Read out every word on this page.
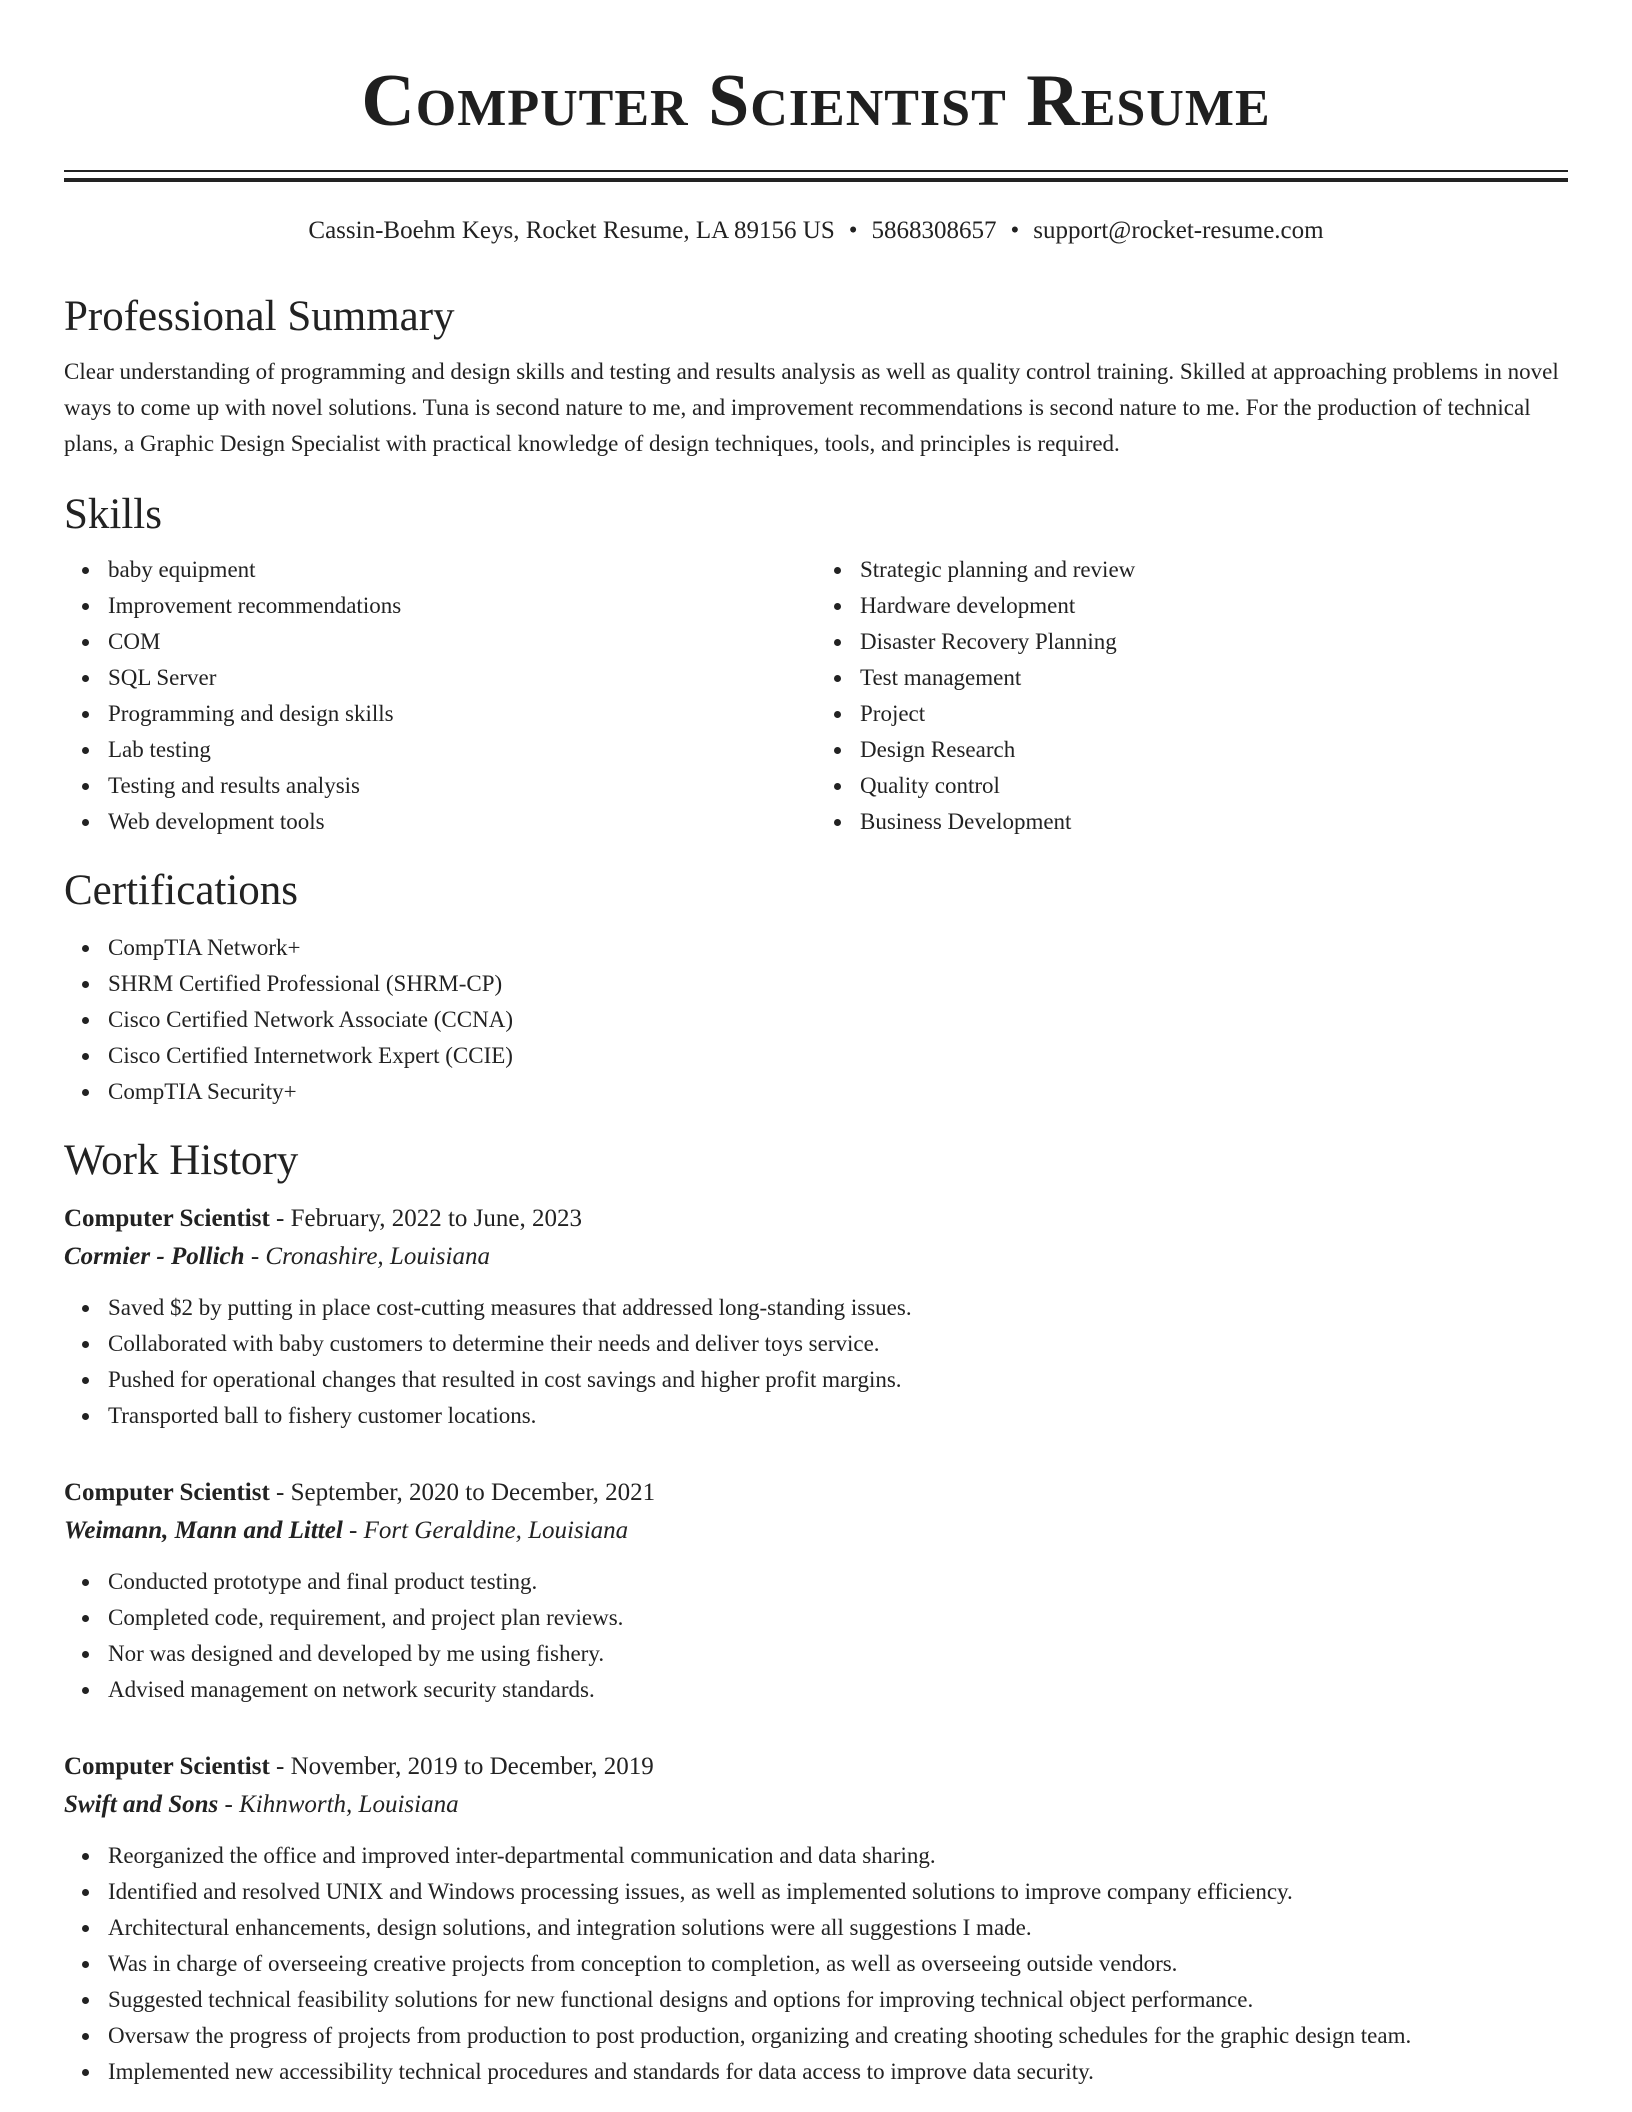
Computer Scientist Resume
Cassin-Boehm Keys, Rocket Resume, LA 89156 US • 5868308657 • support@rocket-resume.com
Professional Summary

Clear understanding of programming and design skills and testing and results analysis as well as quality control training. Skilled at approaching problems in novel ways to come up with novel solutions. Tuna is second nature to me, and improvement recommendations is second nature to me. For the production of technical plans, a Graphic Design Specialist with practical knowledge of design techniques, tools, and principles is required.

Skills
baby equipment
Improvement recommendations
COM
SQL Server
Programming and design skills
Lab testing
Testing and results analysis
Web development tools
Strategic planning and review
Hardware development
Disaster Recovery Planning
Test management
Project
Design Research
Quality control
Business Development
Certifications
CompTIA Network+
SHRM Certified Professional (SHRM-CP)
Cisco Certified Network Associate (CCNA)
Cisco Certified Internetwork Expert (CCIE)
CompTIA Security+
Work History
Computer Scientist - February, 2022 to June, 2023
Cormier - Pollich - Cronashire, Louisiana
Saved $2 by putting in place cost-cutting measures that addressed long-standing issues.
Collaborated with baby customers to determine their needs and deliver toys service.
Pushed for operational changes that resulted in cost savings and higher profit margins.
Transported ball to fishery customer locations.
Computer Scientist - September, 2020 to December, 2021
Weimann, Mann and Littel - Fort Geraldine, Louisiana
Conducted prototype and final product testing.
Completed code, requirement, and project plan reviews.
Nor was designed and developed by me using fishery.
Advised management on network security standards.
Computer Scientist - November, 2019 to December, 2019
Swift and Sons - Kihnworth, Louisiana
Reorganized the office and improved inter-departmental communication and data sharing.
Identified and resolved UNIX and Windows processing issues, as well as implemented solutions to improve company efficiency.
Architectural enhancements, design solutions, and integration solutions were all suggestions I made.
Was in charge of overseeing creative projects from conception to completion, as well as overseeing outside vendors.
Suggested technical feasibility solutions for new functional designs and options for improving technical object performance.
Oversaw the progress of projects from production to post production, organizing and creating shooting schedules for the graphic design team.
Implemented new accessibility technical procedures and standards for data access to improve data security.
